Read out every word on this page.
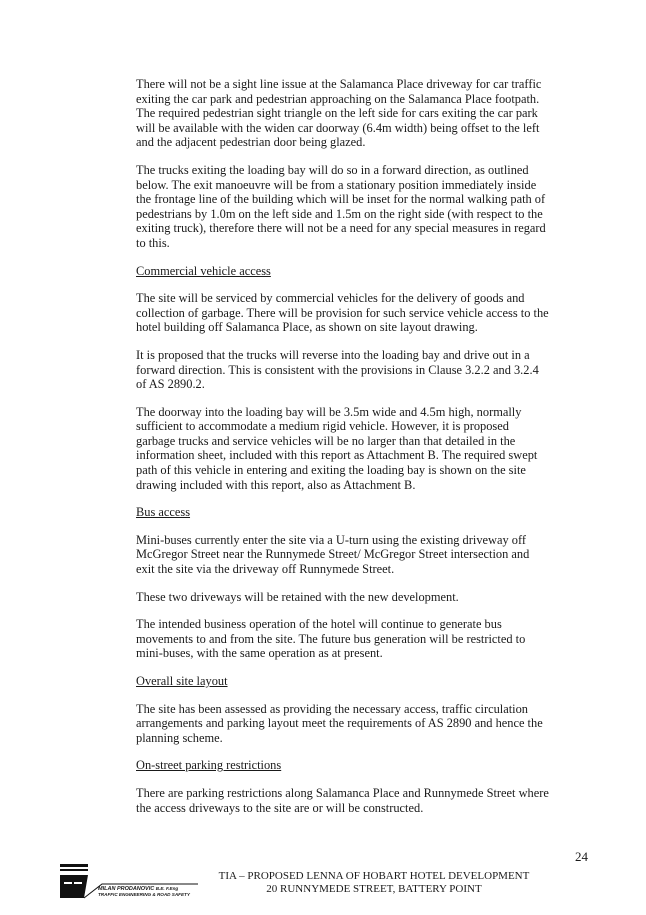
There will not be a sight line issue at the Salamanca Place driveway for car traffic exiting the car park and pedestrian approaching on the Salamanca Place footpath. The required pedestrian sight triangle on the left side for cars exiting the car park will be available with the widen car doorway (6.4m width) being offset to the left and the adjacent pedestrian door being glazed.

The trucks exiting the loading bay will do so in a forward direction, as outlined below. The exit manoeuvre will be from a stationary position immediately inside the frontage line of the building which will be inset for the normal walking path of pedestrians by 1.0m on the left side and 1.5m on the right side (with respect to the exiting truck), therefore there will not be a need for any special measures in regard to this.

Commercial vehicle access

The site will be serviced by commercial vehicles for the delivery of goods and collection of garbage. There will be provision for such service vehicle access to the hotel building off Salamanca Place, as shown on site layout drawing.

It is proposed that the trucks will reverse into the loading bay and drive out in a forward direction. This is consistent with the provisions in Clause 3.2.2 and 3.2.4 of AS 2890.2.

The doorway into the loading bay will be 3.5m wide and 4.5m high, normally sufficient to accommodate a medium rigid vehicle. However, it is proposed garbage trucks and service vehicles will be no larger than that detailed in the information sheet, included with this report as Attachment B. The required swept path of this vehicle in entering and exiting the loading bay is shown on the site drawing included with this report, also as Attachment B.

Bus access

Mini-buses currently enter the site via a U-turn using the existing driveway off McGregor Street near the Runnymede Street/ McGregor Street intersection and exit the site via the driveway off Runnymede Street.

These two driveways will be retained with the new development.

The intended business operation of the hotel will continue to generate bus movements to and from the site. The future bus generation will be restricted to mini-buses, with the same operation as at present.

Overall site layout

The site has been assessed as providing the necessary access, traffic circulation arrangements and parking layout meet the requirements of AS 2890 and hence the planning scheme.

On-street parking restrictions

There are parking restrictions along Salamanca Place and Runnymede Street where the access driveways to the site are or will be constructed.

24
MILAN PRODANOVIC B.E. F.Eng
TRAFFIC ENGINEERING & ROAD SAFETY
TIA – PROPOSED LENNA OF HOBART HOTEL DEVELOPMENT
20 RUNNYMEDE STREET, BATTERY POINT
